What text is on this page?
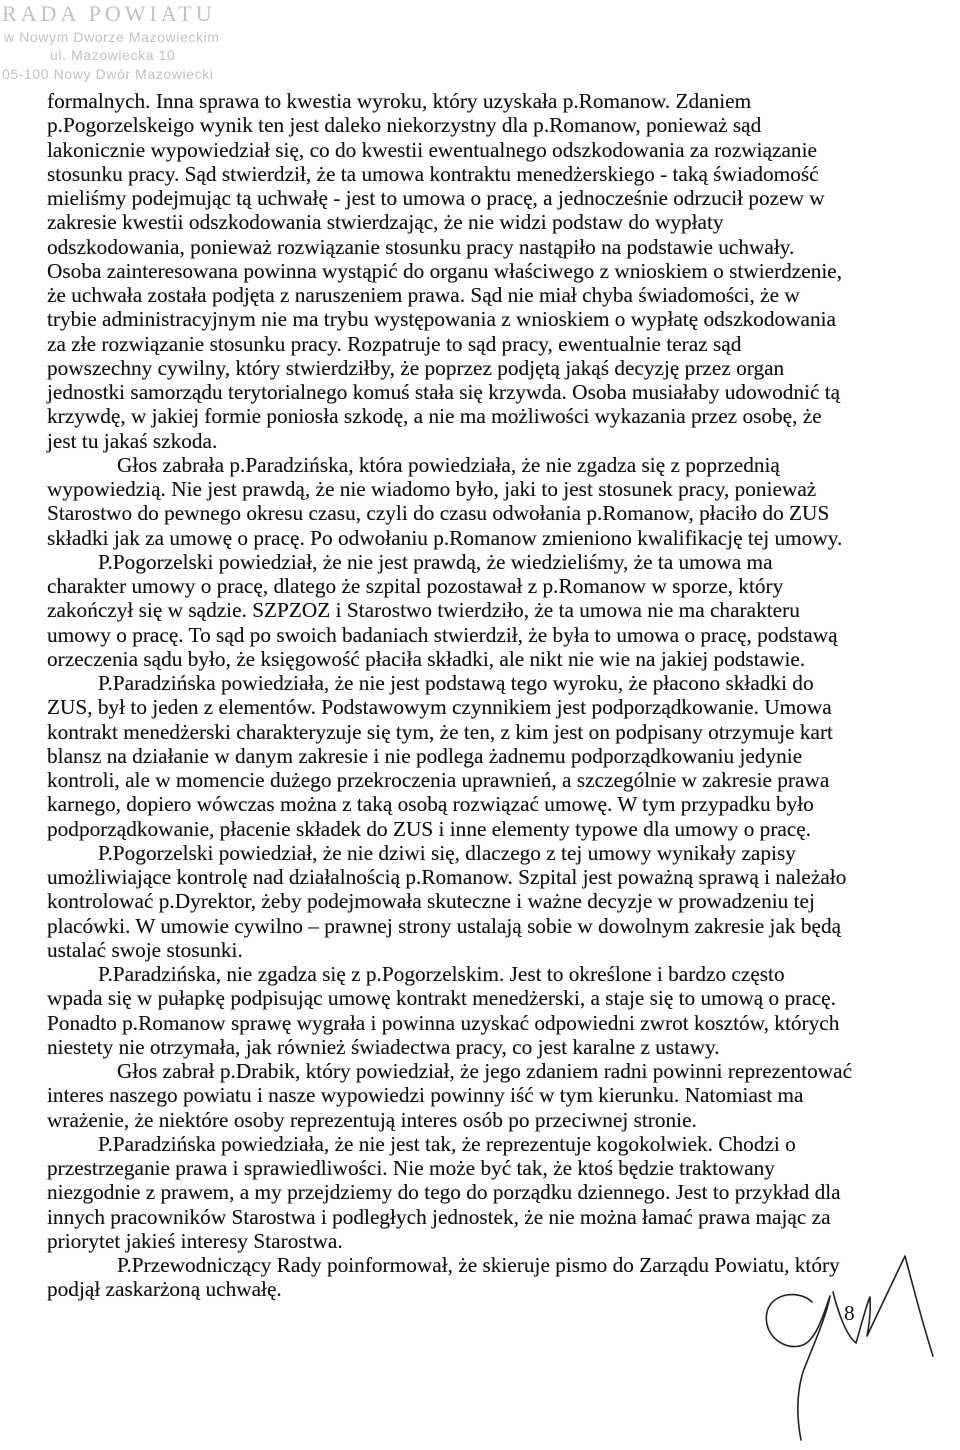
RADA POWIATU
w Nowym Dworze Mazowieckim
ul. Mazowiecka 10
05-100 Nowy Dwór Mazowiecki
formalnych. Inna sprawa to kwestia wyroku, który uzyskała p.Romanow. Zdaniem
p.Pogorzelskeigo wynik ten jest daleko niekorzystny dla p.Romanow, ponieważ sąd
lakonicznie wypowiedział się, co do kwestii ewentualnego odszkodowania za rozwiązanie
stosunku pracy. Sąd stwierdził, że ta umowa kontraktu menedżerskiego - taką świadomość
mieliśmy podejmując tą uchwałę - jest to umowa o pracę, a jednocześnie odrzucił pozew w
zakresie kwestii odszkodowania stwierdzając, że nie widzi podstaw do wypłaty
odszkodowania, ponieważ rozwiązanie stosunku pracy nastąpiło na podstawie uchwały.
Osoba zainteresowana powinna wystąpić do organu właściwego z wnioskiem o stwierdzenie,
że uchwała została podjęta z naruszeniem prawa. Sąd nie miał chyba świadomości, że w
trybie administracyjnym nie ma trybu występowania z wnioskiem o wypłatę odszkodowania
za złe rozwiązanie stosunku pracy. Rozpatruje to sąd pracy, ewentualnie teraz sąd
powszechny cywilny, który stwierdziłby, że poprzez podjętą jakąś decyzję przez organ
jednostki samorządu terytorialnego komuś stała się krzywda. Osoba musiałaby udowodnić tą
krzywdę, w jakiej formie poniosła szkodę, a nie ma możliwości wykazania przez osobę, że
jest tu jakaś szkoda.
Głos zabrała p.Paradzińska, która powiedziała, że nie zgadza się z poprzednią
wypowiedzią. Nie jest prawdą, że nie wiadomo było, jaki to jest stosunek pracy, ponieważ
Starostwo do pewnego okresu czasu, czyli do czasu odwołania p.Romanow, płaciło do ZUS
składki jak za umowę o pracę. Po odwołaniu p.Romanow zmieniono kwalifikację tej umowy.
P.Pogorzelski powiedział, że nie jest prawdą, że wiedzieliśmy, że ta umowa ma
charakter umowy o pracę, dlatego że szpital pozostawał z p.Romanow w sporze, który
zakończył się w sądzie. SZPZOZ i Starostwo twierdziło, że ta umowa nie ma charakteru
umowy o pracę. To sąd po swoich badaniach stwierdził, że była to umowa o pracę, podstawą
orzeczenia sądu było, że księgowość płaciła składki, ale nikt nie wie na jakiej podstawie.
P.Paradzińska powiedziała, że nie jest podstawą tego wyroku, że płacono składki do
ZUS, był to jeden z elementów. Podstawowym czynnikiem jest podporządkowanie. Umowa
kontrakt menedżerski charakteryzuje się tym, że ten, z kim jest on podpisany otrzymuje kart
blansz na działanie w danym zakresie i nie podlega żadnemu podporządkowaniu jedynie
kontroli, ale w momencie dużego przekroczenia uprawnień, a szczególnie w zakresie prawa
karnego, dopiero wówczas można z taką osobą rozwiązać umowę. W tym przypadku było
podporządkowanie, płacenie składek do ZUS i inne elementy typowe dla umowy o pracę.
P.Pogorzelski powiedział, że nie dziwi się, dlaczego z tej umowy wynikały zapisy
umożliwiające kontrolę nad działalnością p.Romanow. Szpital jest poważną sprawą i należało
kontrolować p.Dyrektor, żeby podejmowała skuteczne i ważne decyzje w prowadzeniu tej
placówki. W umowie cywilno – prawnej strony ustalają sobie w dowolnym zakresie jak będą
ustalać swoje stosunki.
P.Paradzińska, nie zgadza się z p.Pogorzelskim. Jest to określone i bardzo często
wpada się w pułapkę podpisując umowę kontrakt menedżerski, a staje się to umową o pracę.
Ponadto p.Romanow sprawę wygrała i powinna uzyskać odpowiedni zwrot kosztów, których
niestety nie otrzymała, jak również świadectwa pracy, co jest karalne z ustawy.
Głos zabrał p.Drabik, który powiedział, że jego zdaniem radni powinni reprezentować
interes naszego powiatu i nasze wypowiedzi powinny iść w tym kierunku. Natomiast ma
wrażenie, że niektóre osoby reprezentują interes osób po przeciwnej stronie.
P.Paradzińska powiedziała, że nie jest tak, że reprezentuje kogokolwiek. Chodzi o
przestrzeganie prawa i sprawiedliwości. Nie może być tak, że ktoś będzie traktowany
niezgodnie z prawem, a my przejdziemy do tego do porządku dziennego. Jest to przykład dla
innych pracowników Starostwa i podległych jednostek, że nie można łamać prawa mając za
priorytet jakieś interesy Starostwa.
P.Przewodniczący Rady poinformował, że skieruje pismo do Zarządu Powiatu, który
podjął zaskarżoną uchwałę.
8
